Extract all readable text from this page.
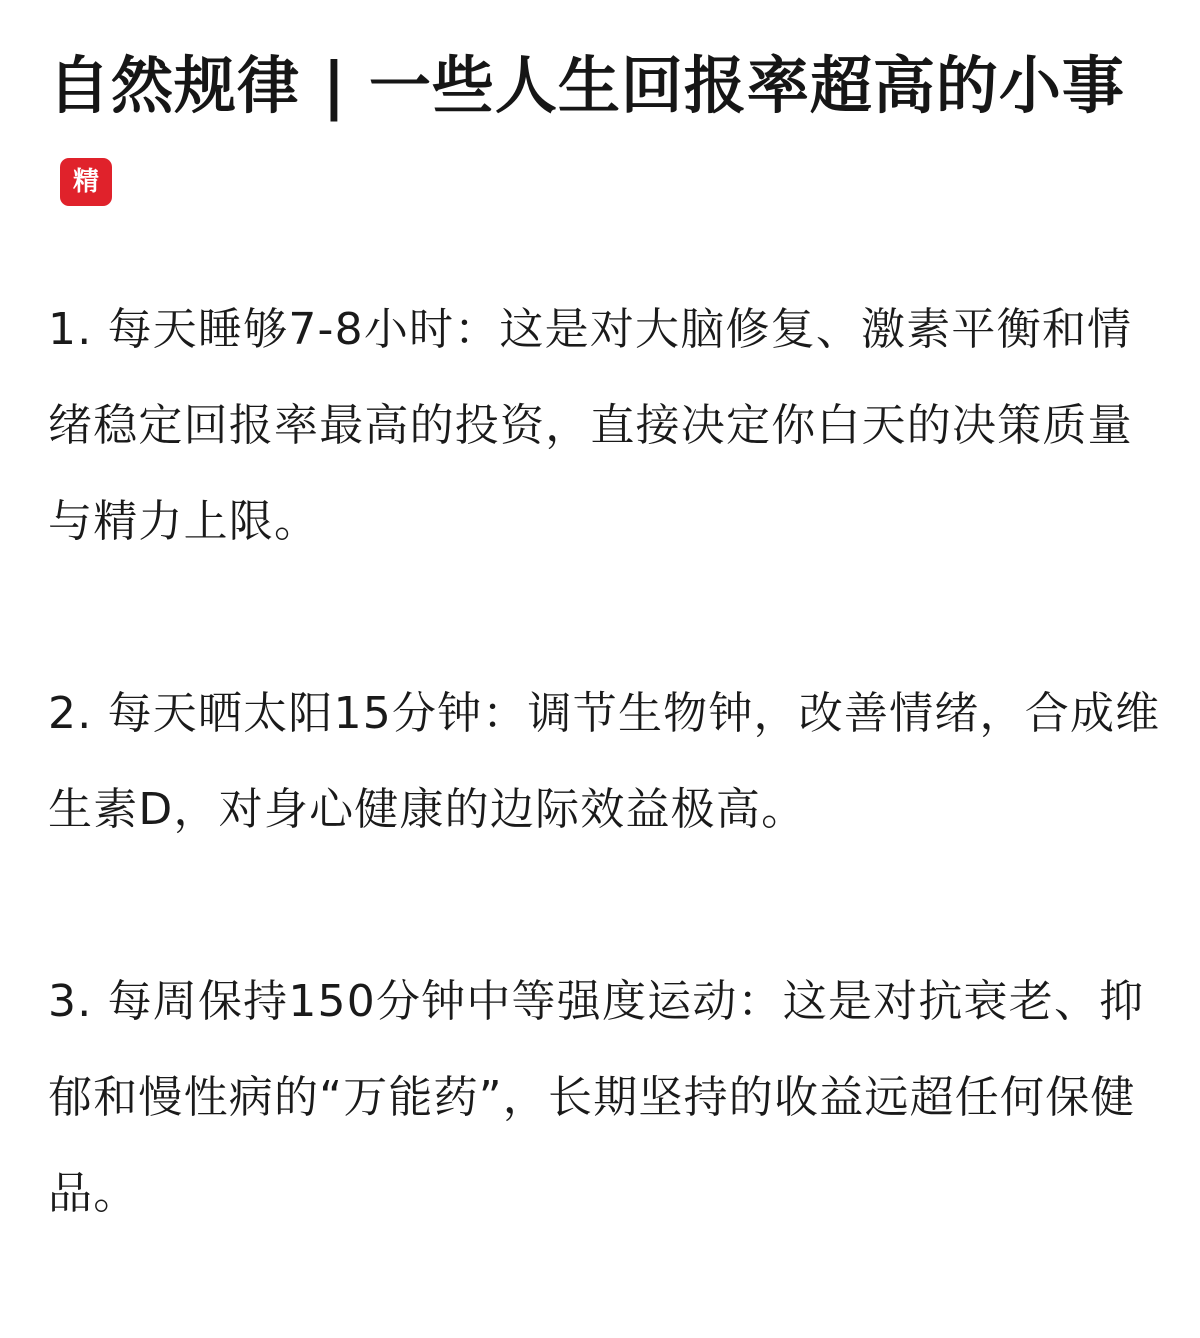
自然规律 | 一些人生回报率超高的小事
精

1. 每天睡够7-8小时：这是对大脑修复、激素平衡和情绪稳定回报率最高的投资，直接决定你白天的决策质量与精力上限。

2. 每天晒太阳15分钟：调节生物钟，改善情绪，合成维生素D，对身心健康的边际效益极高。

3. 每周保持150分钟中等强度运动：这是对抗衰老、抑郁和慢性病的“万能药”，长期坚持的收益远超任何保健品。
